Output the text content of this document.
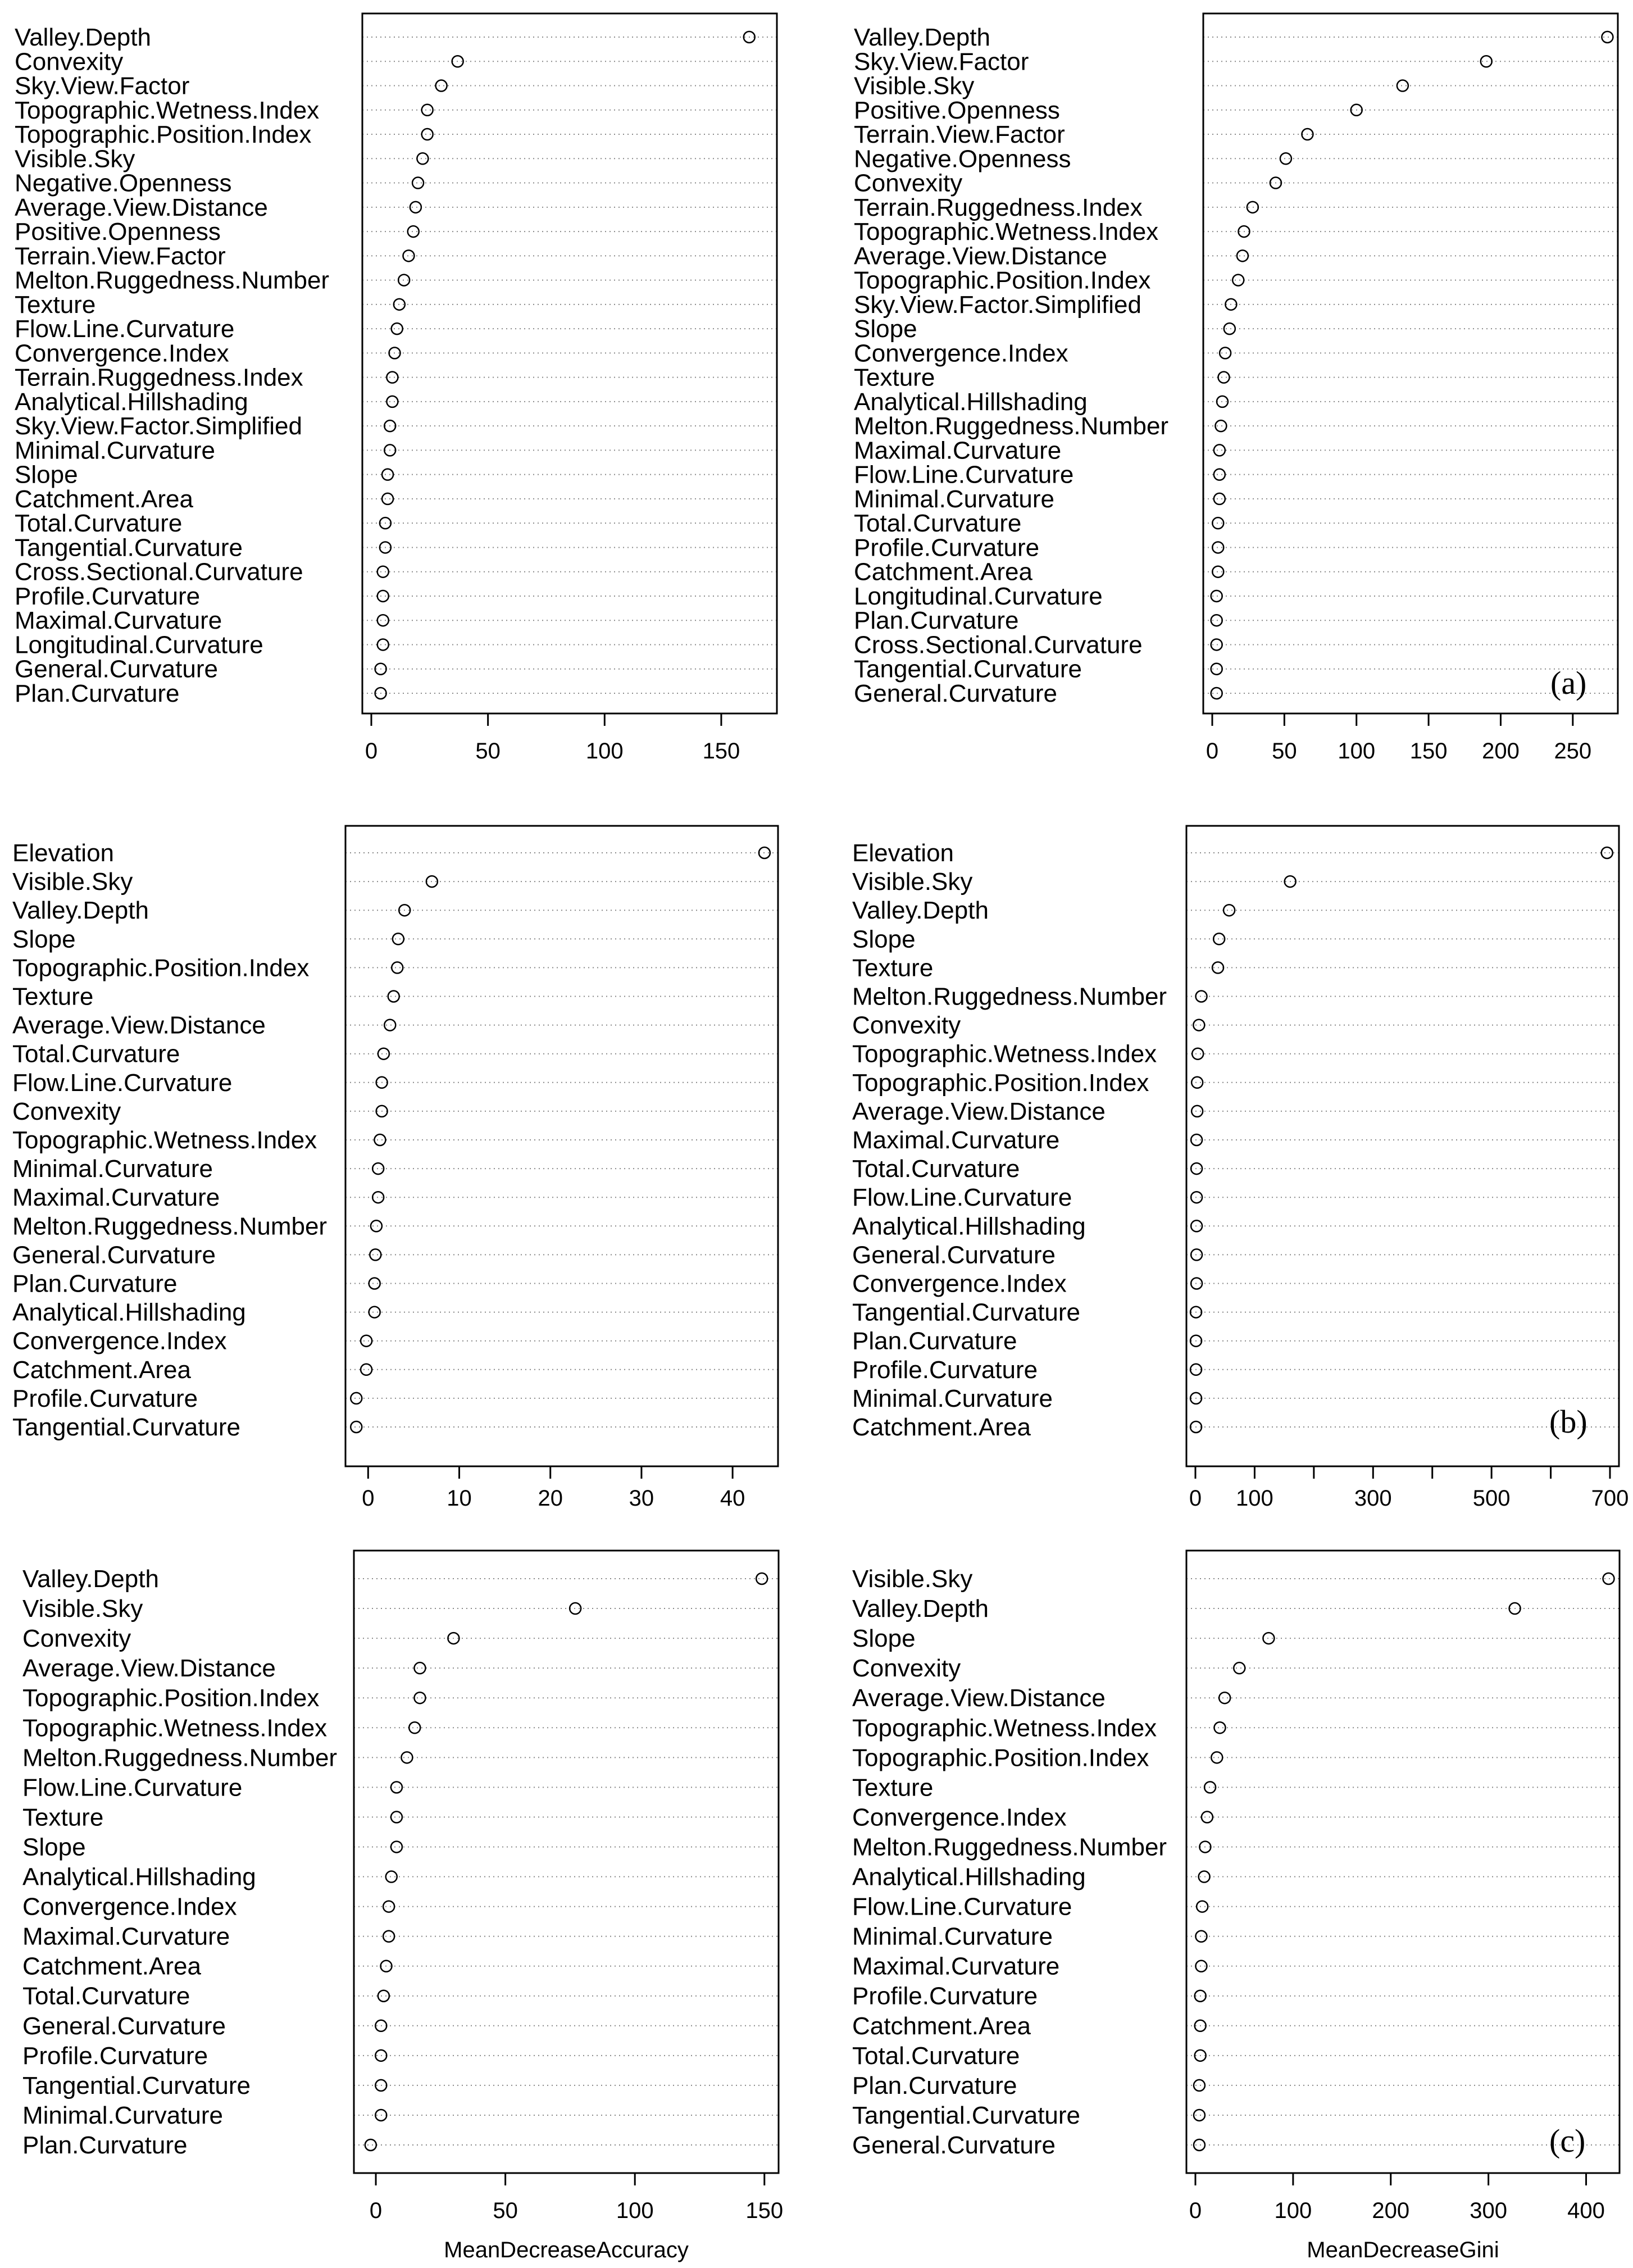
Valley.Depth
Convexity
Sky.View.Factor
Topographic.Wetness.Index
Topographic.Position.Index
Visible.Sky
Negative.Openness
Average.View.Distance
Positive.Openness
Terrain.View.Factor
Melton.Ruggedness.Number
Texture
Flow.Line.Curvature
Convergence.Index
Terrain.Ruggedness.Index
Analytical.Hillshading
Sky.View.Factor.Simplified
Minimal.Curvature
Slope
Catchment.Area
Total.Curvature
Tangential.Curvature
Cross.Sectional.Curvature
Profile.Curvature
Maximal.Curvature
Longitudinal.Curvature
General.Curvature
Plan.Curvature
0	50	100	150
Valley.Depth
Sky.View.Factor
Visible.Sky
Positive.Openness
Terrain.View.Factor
Negative.Openness
Convexity
Terrain.Ruggedness.Index
Topographic.Wetness.Index
Average.View.Distance
Topographic.Position.Index
Sky.View.Factor.Simplified
Slope
Convergence.Index
Texture
Analytical.Hillshading
Melton.Ruggedness.Number
Maximal.Curvature
Flow.Line.Curvature
Minimal.Curvature
Total.Curvature
Profile.Curvature
Catchment.Area
Longitudinal.Curvature
Plan.Curvature
Cross.Sectional.Curvature
Tangential.Curvature
General.Curvature
0 50 100 150 200 250
(a)
Elevation
Visible.Sky
Valley.Depth
Slope
Topographic.Position.Index
Texture
Average.View.Distance
Total.Curvature
Flow.Line.Curvature
Convexity
Topographic.Wetness.Index
Minimal.Curvature
Maximal.Curvature
Melton.Ruggedness.Number
General.Curvature
Plan.Curvature
Analytical.Hillshading
Convergence.Index
Catchment.Area
Profile.Curvature
Tangential.Curvature
0	10	20	30	40
Elevation
Visible.Sky
Valley.Depth
Slope
Texture
Melton.Ruggedness.Number
Convexity
Topographic.Wetness.Index
Topographic.Position.Index
Average.View.Distance
Maximal.Curvature
Total.Curvature
Flow.Line.Curvature
Analytical.Hillshading
General.Curvature
Convergence.Index
Tangential.Curvature
Plan.Curvature
Profile.Curvature
Minimal.Curvature
Catchment.Area
0 100	300	500	700
(b)
Valley.Depth
Visible.Sky
Convexity
Average.View.Distance
Topographic.Position.Index
Topographic.Wetness.Index
Melton.Ruggedness.Number
Flow.Line.Curvature
Texture
Slope
Analytical.Hillshading
Convergence.Index
Maximal.Curvature
Catchment.Area
Total.Curvature
General.Curvature
Profile.Curvature
Tangential.Curvature
Minimal.Curvature
Plan.Curvature
0	50	100	150
MeanDecreaseAccuracy
Visible.Sky
Valley.Depth
Slope
Convexity
Average.View.Distance
Topographic.Wetness.Index
Topographic.Position.Index
Texture
Convergence.Index
Melton.Ruggedness.Number
Analytical.Hillshading
Flow.Line.Curvature
Minimal.Curvature
Maximal.Curvature
Profile.Curvature
Catchment.Area
Total.Curvature
Plan.Curvature
Tangential.Curvature
General.Curvature
0	100	200	300	400
MeanDecreaseGini
(c)
